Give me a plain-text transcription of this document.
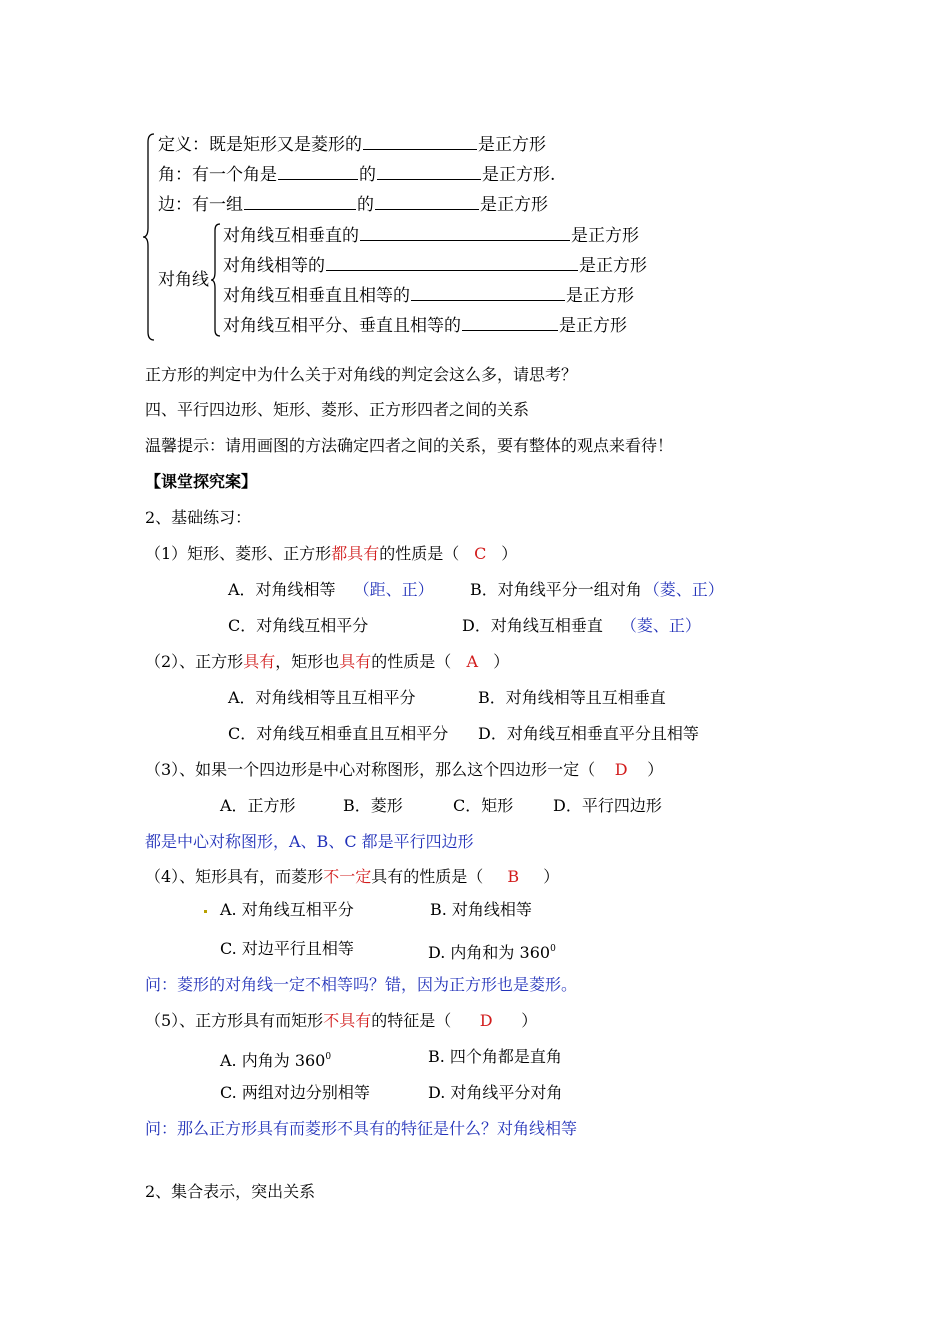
定义：既是矩形又是菱形的	是正方形
角：有一个角是	的	是正方形.
边：有一组	的	是正方形
对角线
对角线互相垂直的	是正方形
对角线相等的	是正方形
对角线互相垂直且相等的	是正方形
对角线互相平分、垂直且相等的	是正方形
正方形的判定中为什么关于对角线的判定会这么多，请思考？
四、平行四边形、矩形、菱形、正方形四者之间的关系
温馨提示：请用画图的方法确定四者之间的关系，要有整体的观点来看待！
【课堂探究案】
2、基础练习：
（1）矩形、菱形、正方形都具有的性质是（ C ）
A．对角线相等 （距、正） B．对角线平分一组对角 （菱、正）
C．对角线互相平分	D．对角线互相垂直 （菱、正）
（2）、正方形具有，矩形也具有的性质是（ A ）
A．对角线相等且互相平分	B．对角线相等且互相垂直
C．对角线互相垂直且互相平分 D．对角线互相垂直平分且相等
（3）、如果一个四边形是中心对称图形，那么这个四边形一定（ D ）
A．正方形	B．菱形	C．矩形 D．平行四边形
都是中心对称图形，A、B、C 都是平行四边形
（4）、矩形具有，而菱形不一定具有的性质是（ B ）
A. 对角线互相平分	B. 对角线相等
C. 对边平行且相等	D. 内角和为 $360^0$
问：菱形的对角线一定不相等吗？错，因为正方形也是菱形。
（5）、正方形具有而矩形不具有的特征是（ D ）
A. 内角为 $360^0$	B. 四个角都是直角
C. 两组对边分别相等	D. 对角线平分对角
问：那么正方形具有而菱形不具有的特征是什么？对角线相等
2、集合表示，突出关系
